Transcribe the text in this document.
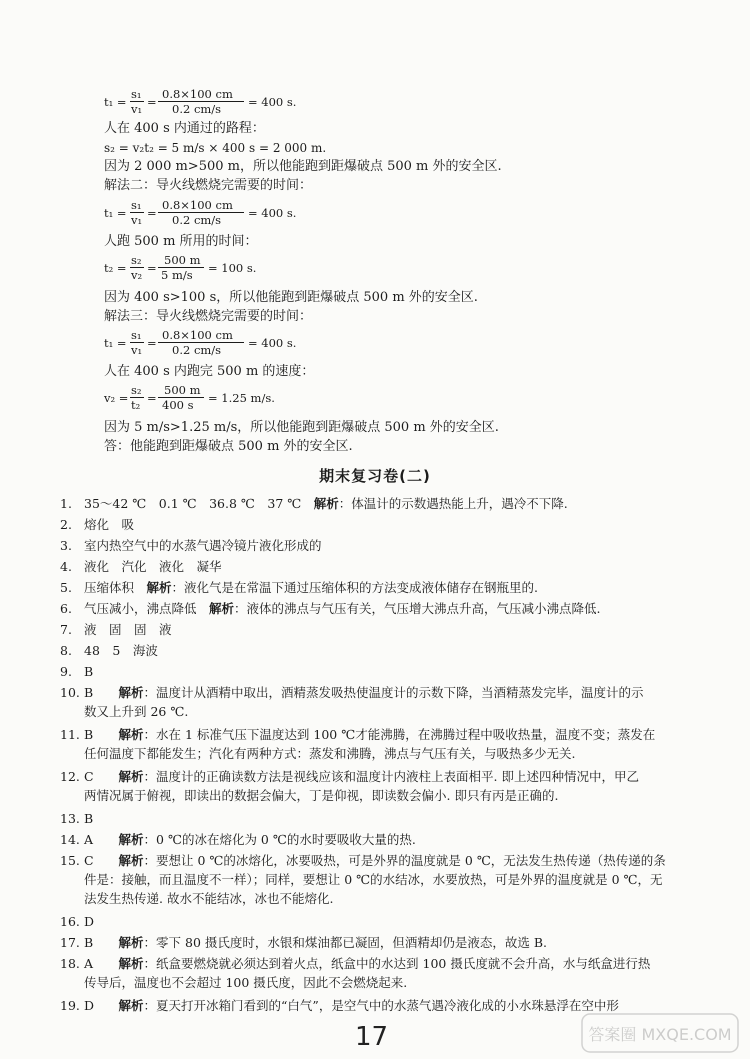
t₁ =
s₁
v₁ =
0.8×100 cm
0.2 cm/s = 400 s.
人在 400 s 内通过的路程：
s₂ = v₂t₂ = 5 m/s × 400 s = 2 000 m.
因为 2 000 m>500 m，所以他能跑到距爆破点 500 m 外的安全区.
解法二：导火线燃烧完需要的时间：
t₁ =
s₁
v₁ =
0.8×100 cm
0.2 cm/s = 400 s.
人跑 500 m 所用的时间：
t₂ =
s₂
v₂ =
500 m
5 m/s = 100 s.
因为 400 s>100 s，所以他能跑到距爆破点 500 m 外的安全区.
解法三：导火线燃烧完需要的时间：
t₁ =
s₁
v₁ =
0.8×100 cm
0.2 cm/s = 400 s.
人在 400 s 内跑完 500 m 的速度：
v₂ =
s₂
t₂ =
500 m
400 s = 1.25 m/s.
因为 5 m/s>1.25 m/s，所以他能跑到距爆破点 500 m 外的安全区.
答：他能跑到距爆破点 500 m 外的安全区.
期末复习卷(二)
1. 35～42 ℃　0.1 ℃　36.8 ℃　37 ℃　 解析：体温计的示数遇热能上升，遇冷不下降.
2. 熔化　吸
3. 室内热空气中的水蒸气遇冷镜片液化形成的
4. 液化　汽化　液化　凝华
5. 压缩体积　 解析：液化气是在常温下通过压缩体积的方法变成液体储存在钢瓶里的.
6. 气压减小，沸点降低　 解析：液体的沸点与气压有关，气压增大沸点升高，气压减小沸点降低.
7. 液　固　固　液
8. 48　5　海波
9. B
10. B　 解析：温度计从酒精中取出，酒精蒸发吸热使温度计的示数下降，当酒精蒸发完毕，温度计的示
数又上升到 26 ℃.
11. B　 解析：水在 1 标准气压下温度达到 100 ℃才能沸腾，在沸腾过程中吸收热量，温度不变；蒸发在
任何温度下都能发生；汽化有两种方式：蒸发和沸腾，沸点与气压有关，与吸热多少无关.
12. C　 解析：温度计的正确读数方法是视线应该和温度计内液柱上表面相平. 即上述四种情况中，甲乙
两情况属于俯视，即读出的数据会偏大，丁是仰视，即读数会偏小. 即只有丙是正确的.
13. B
14. A　 解析：0 ℃的冰在熔化为 0 ℃的水时要吸收大量的热.
15. C　 解析：要想让 0 ℃的冰熔化，冰要吸热，可是外界的温度就是 0 ℃，无法发生热传递（热传递的条
件是：接触，而且温度不一样）；同样，要想让 0 ℃的水结冰，水要放热，可是外界的温度就是 0 ℃，无
法发生热传递. 故水不能结冰，冰也不能熔化.
16. D
17. B　 解析：零下 80 摄氏度时，水银和煤油都已凝固，但酒精却仍是液态，故选 B.
18. A　 解析：纸盒要燃烧就必须达到着火点，纸盒中的水达到 100 摄氏度就不会升高，水与纸盒进行热
传导后，温度也不会超过 100 摄氏度，因此不会燃烧起来.
19. D　 解析：夏天打开冰箱门看到的“白气”，是空气中的水蒸气遇冷液化成的小水珠悬浮在空中形
17	答案圈 MXQE.COM
